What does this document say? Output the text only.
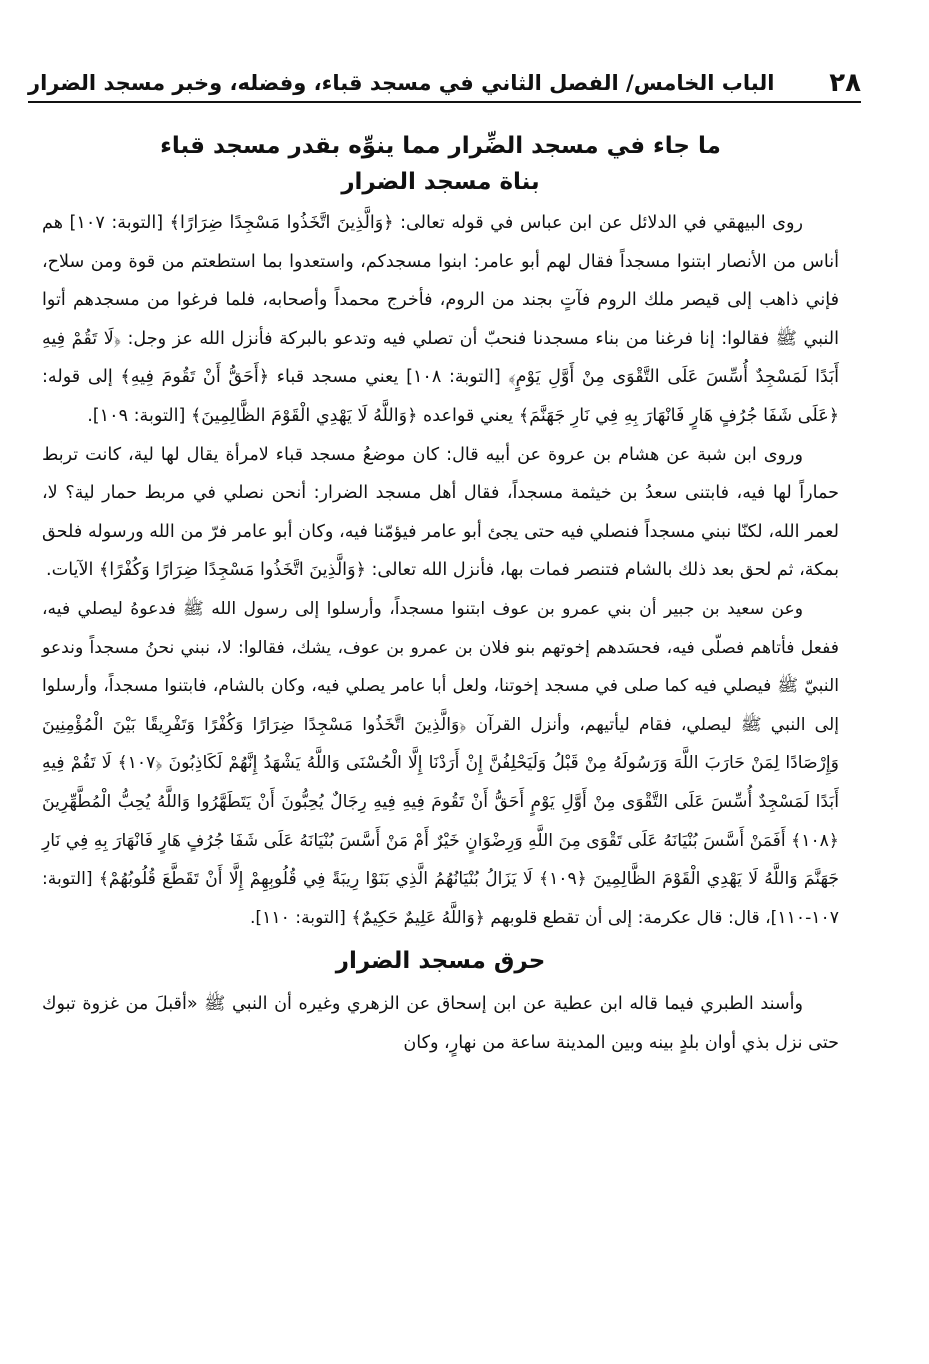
٢٨
الباب الخامس/ الفصل الثاني في مسجد قباء، وفضله، وخبر مسجد الضرار
ما جاء في مسجد الضِّرار مما ينوِّه بقدر مسجد قباء
بناة مسجد الضرار

روى البيهقي في الدلائل عن ابن عباس في قوله تعالى: ﴿وَالَّذِينَ اتَّخَذُوا مَسْجِدًا ضِرَارًا﴾ [التوبة: ١٠٧] هم أناس من الأنصار ابتنوا مسجداً فقال لهم أبو عامر: ابنوا مسجدكم، واستعدوا بما استطعتم من قوة ومن سلاح، فإني ذاهب إلى قيصر ملك الروم فآتٍ بجند من الروم، فأخرج محمداً وأصحابه، فلما فرغوا من مسجدهم أتوا النبي ﷺ فقالوا: إنا فرغنا من بناء مسجدنا فنحبّ أن تصلي فيه وتدعو بالبركة فأنزل الله عز وجل: ﴿لَا تَقُمْ فِيهِ أَبَدًا لَمَسْجِدٌ أُسِّسَ عَلَى التَّقْوَى مِنْ أَوَّلِ يَوْمٍ﴾ [التوبة: ١٠٨] يعني مسجد قباء ﴿أَحَقُّ أَنْ تَقُومَ فِيهِ﴾ إلى قوله: ﴿عَلَى شَفَا جُرُفٍ هَارٍ فَانْهَارَ بِهِ فِي نَارِ جَهَنَّمَ﴾ يعني قواعده ﴿وَاللَّهُ لَا يَهْدِي الْقَوْمَ الظَّالِمِينَ﴾ [التوبة: ١٠٩].

وروى ابن شبة عن هشام بن عروة عن أبيه قال: كان موضعُ مسجد قباء لامرأة يقال لها لية، كانت تربط حماراً لها فيه، فابتنى سعدُ بن خيثمة مسجداً، فقال أهل مسجد الضرار: أنحن نصلي في مربط حمار لية؟ لا، لعمر الله، لكنّا نبني مسجداً فنصلي فيه حتى يجئ أبو عامر فيؤمّنا فيه، وكان أبو عامر فرّ من الله ورسوله فلحق بمكة، ثم لحق بعد ذلك بالشام فتنصر فمات بها، فأنزل الله تعالى: ﴿وَالَّذِينَ اتَّخَذُوا مَسْجِدًا ضِرَارًا وَكُفْرًا﴾ الآيات.

وعن سعيد بن جبير أن بني عمرو بن عوف ابتنوا مسجداً، وأرسلوا إلى رسول الله ﷺ فدعوهُ ليصلي فيه، ففعل فأتاهم فصلّى فيه، فحسَدهم إخوتهم بنو فلان بن عمرو بن عوف، يشك، فقالوا: لا، نبني نحنُ مسجداً وندعو النبيّ ﷺ فيصلي فيه كما صلى في مسجد إخوتنا، ولعل أبا عامر يصلي فيه، وكان بالشام، فابتنوا مسجداً، وأرسلوا إلى النبي ﷺ ليصلي، فقام ليأتيهم، وأنزل القرآن ﴿وَالَّذِينَ اتَّخَذُوا مَسْجِدًا ضِرَارًا وَكُفْرًا وَتَفْرِيقًا بَيْنَ الْمُؤْمِنِينَ وَإِرْصَادًا لِمَنْ حَارَبَ اللَّهَ وَرَسُولَهُ مِنْ قَبْلُ وَلَيَحْلِفُنَّ إِنْ أَرَدْنَا إِلَّا الْحُسْنَى وَاللَّهُ يَشْهَدُ إِنَّهُمْ لَكَاذِبُونَ ﴿١٠٧﴾ لَا تَقُمْ فِيهِ أَبَدًا لَمَسْجِدٌ أُسِّسَ عَلَى التَّقْوَى مِنْ أَوَّلِ يَوْمٍ أَحَقُّ أَنْ تَقُومَ فِيهِ فِيهِ رِجَالٌ يُحِبُّونَ أَنْ يَتَطَهَّرُوا وَاللَّهُ يُحِبُّ الْمُطَّهِّرِينَ ﴿١٠٨﴾ أَفَمَنْ أَسَّسَ بُنْيَانَهُ عَلَى تَقْوَى مِنَ اللَّهِ وَرِضْوَانٍ خَيْرٌ أَمْ مَنْ أَسَّسَ بُنْيَانَهُ عَلَى شَفَا جُرُفٍ هَارٍ فَانْهَارَ بِهِ فِي نَارِ جَهَنَّمَ وَاللَّهُ لَا يَهْدِي الْقَوْمَ الظَّالِمِينَ ﴿١٠٩﴾ لَا يَزَالُ بُنْيَانُهُمُ الَّذِي بَنَوْا رِيبَةً فِي قُلُوبِهِمْ إِلَّا أَنْ تَقَطَّعَ قُلُوبُهُمْ﴾ [التوبة: ١٠٧-١١٠]، قال: قال عكرمة: إلى أن تقطع قلوبهم ﴿وَاللَّهُ عَلِيمٌ حَكِيمٌ﴾ [التوبة: ١١٠].

حرق مسجد الضرار

وأسند الطبري فيما قاله ابن عطية عن ابن إسحاق عن الزهري وغيره أن النبي ﷺ «أقبلَ من غزوة تبوك حتى نزل بذي أوان بلدٍ بينه وبين المدينة ساعة من نهارٍ، وكان
